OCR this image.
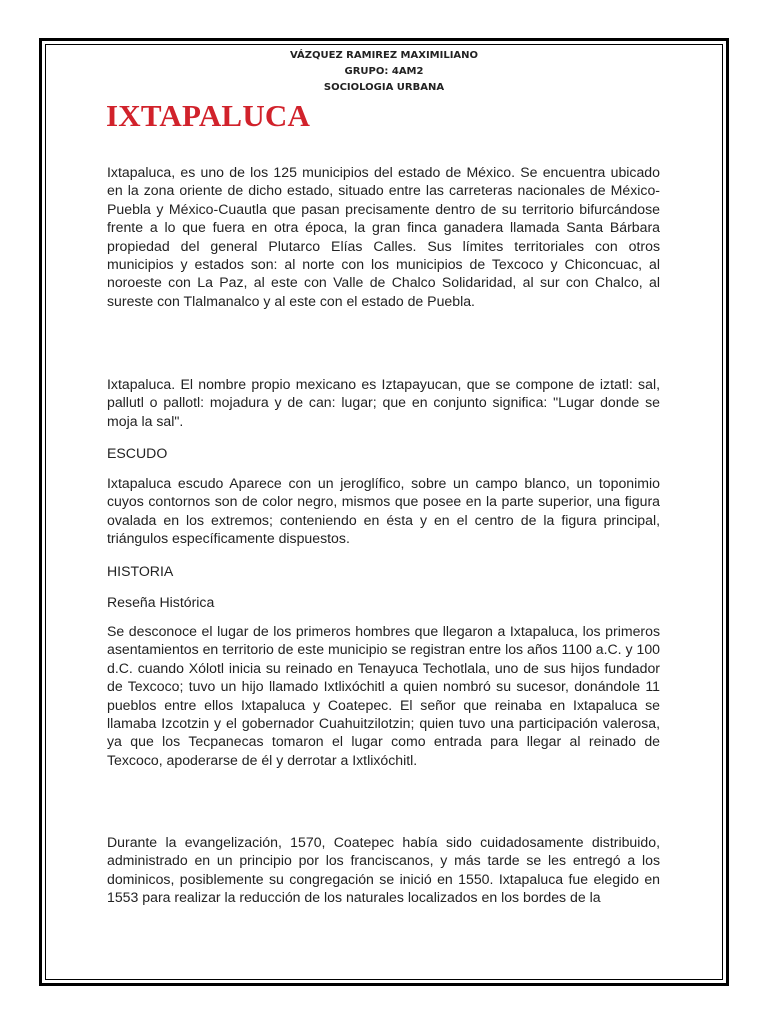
VÁZQUEZ RAMIREZ MAXIMILIANO
GRUPO: 4AM2
SOCIOLOGIA URBANA
IXTAPALUCA

Ixtapaluca, es uno de los 125 municipios del estado de México. Se encuentra ubicado en la zona oriente de dicho estado, situado entre las carreteras nacionales de México-Puebla y México-Cuautla que pasan precisamente dentro de su territorio bifurcándose frente a lo que fuera en otra época, la gran finca ganadera llamada Santa Bárbara propiedad del general Plutarco Elías Calles. Sus límites territoriales con otros municipios y estados son: al norte con los municipios de Texcoco y Chiconcuac, al noroeste con La Paz, al este con Valle de Chalco Solidaridad, al sur con Chalco, al sureste con Tlalmanalco y al este con el estado de Puebla.

Ixtapaluca. El nombre propio mexicano es Iztapayucan, que se compone de iztatl: sal, pallutl o pallotl: mojadura y de can: lugar; que en conjunto significa: "Lugar donde se moja la sal".

ESCUDO

Ixtapaluca escudo Aparece con un jeroglífico, sobre un campo blanco, un toponimio cuyos contornos son de color negro, mismos que posee en la parte superior, una figura ovalada en los extremos; conteniendo en ésta y en el centro de la figura principal, triángulos específicamente dispuestos.

HISTORIA

Reseña Histórica

Se desconoce el lugar de los primeros hombres que llegaron a Ixtapaluca, los primeros asentamientos en territorio de este municipio se registran entre los años 1100 a.C. y 100 d.C. cuando Xólotl inicia su reinado en Tenayuca Techotlala, uno de sus hijos fundador de Texcoco; tuvo un hijo llamado Ixtlixóchitl a quien nombró su sucesor, donándole 11 pueblos entre ellos Ixtapaluca y Coatepec. El señor que reinaba en Ixtapaluca se llamaba Izcotzin y el gobernador Cuahuitzilotzin; quien tuvo una participación valerosa, ya que los Tecpanecas tomaron el lugar como entrada para llegar al reinado de Texcoco, apoderarse de él y derrotar a Ixtlixóchitl.

Durante la evangelización, 1570, Coatepec había sido cuidadosamente distribuido, administrado en un principio por los franciscanos, y más tarde se les entregó a los dominicos, posiblemente su congregación se inició en 1550. Ixtapaluca fue elegido en 1553 para realizar la reducción de los naturales localizados en los bordes de la
